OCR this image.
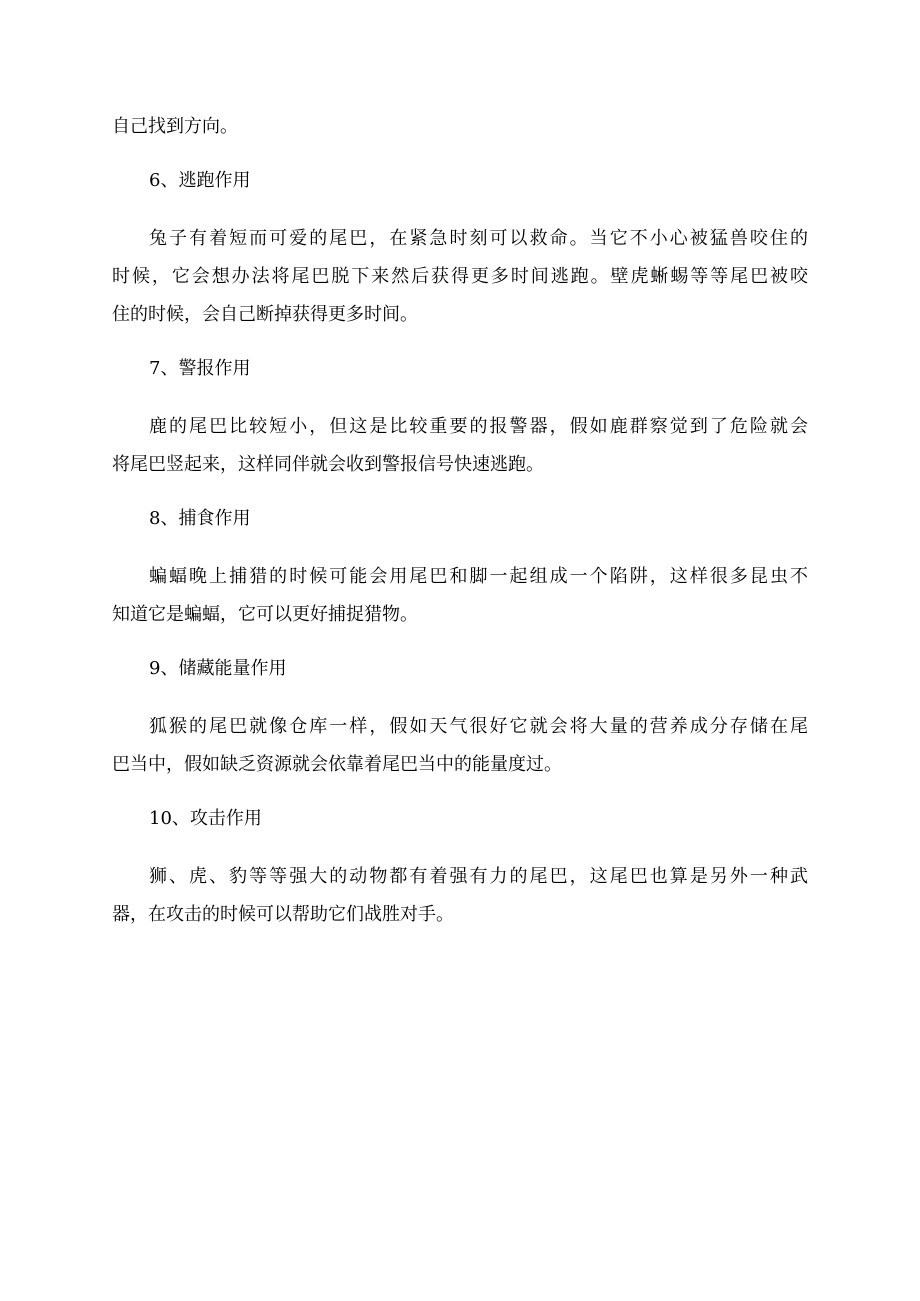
自己找到方向。

6、逃跑作用

兔子有着短而可爱的尾巴，在紧急时刻可以救命。当它不小心被猛兽咬住的
时候，它会想办法将尾巴脱下来然后获得更多时间逃跑。壁虎蜥蜴等等尾巴被咬
住的时候，会自己断掉获得更多时间。

7、警报作用

鹿的尾巴比较短小，但这是比较重要的报警器，假如鹿群察觉到了危险就会
将尾巴竖起来，这样同伴就会收到警报信号快速逃跑。

8、捕食作用

蝙蝠晚上捕猎的时候可能会用尾巴和脚一起组成一个陷阱，这样很多昆虫不
知道它是蝙蝠，它可以更好捕捉猎物。

9、储藏能量作用

狐猴的尾巴就像仓库一样，假如天气很好它就会将大量的营养成分存储在尾
巴当中，假如缺乏资源就会依靠着尾巴当中的能量度过。

10、攻击作用

狮、虎、豹等等强大的动物都有着强有力的尾巴，这尾巴也算是另外一种武
器，在攻击的时候可以帮助它们战胜对手。
